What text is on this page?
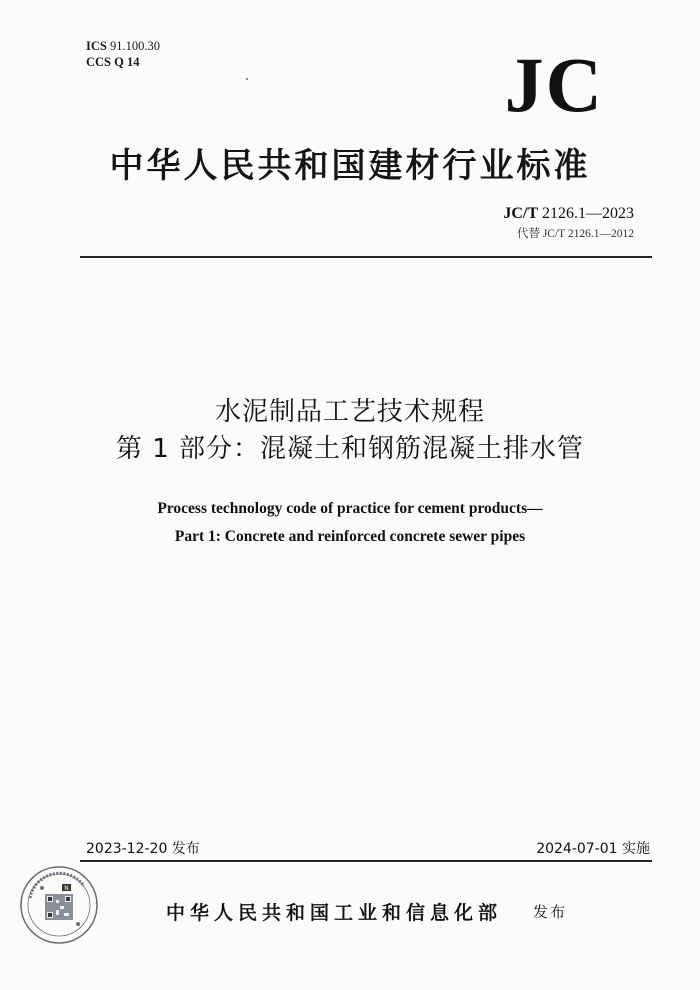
ICS 91.100.30
CCS Q 14	JC
中华人民共和国建材行业标准
JC/T 2126.1—2023
代替 JC/T 2126.1—2012
水泥制品工艺技术规程
第 1 部分：混凝土和钢筋混凝土排水管
Process technology code of practice for cement products—
Part 1: Concrete and reinforced concrete sewer pipes
2023-12-20 发布	2024-07-01 实施
N
中华人民共和国工业和信息化部 发布
